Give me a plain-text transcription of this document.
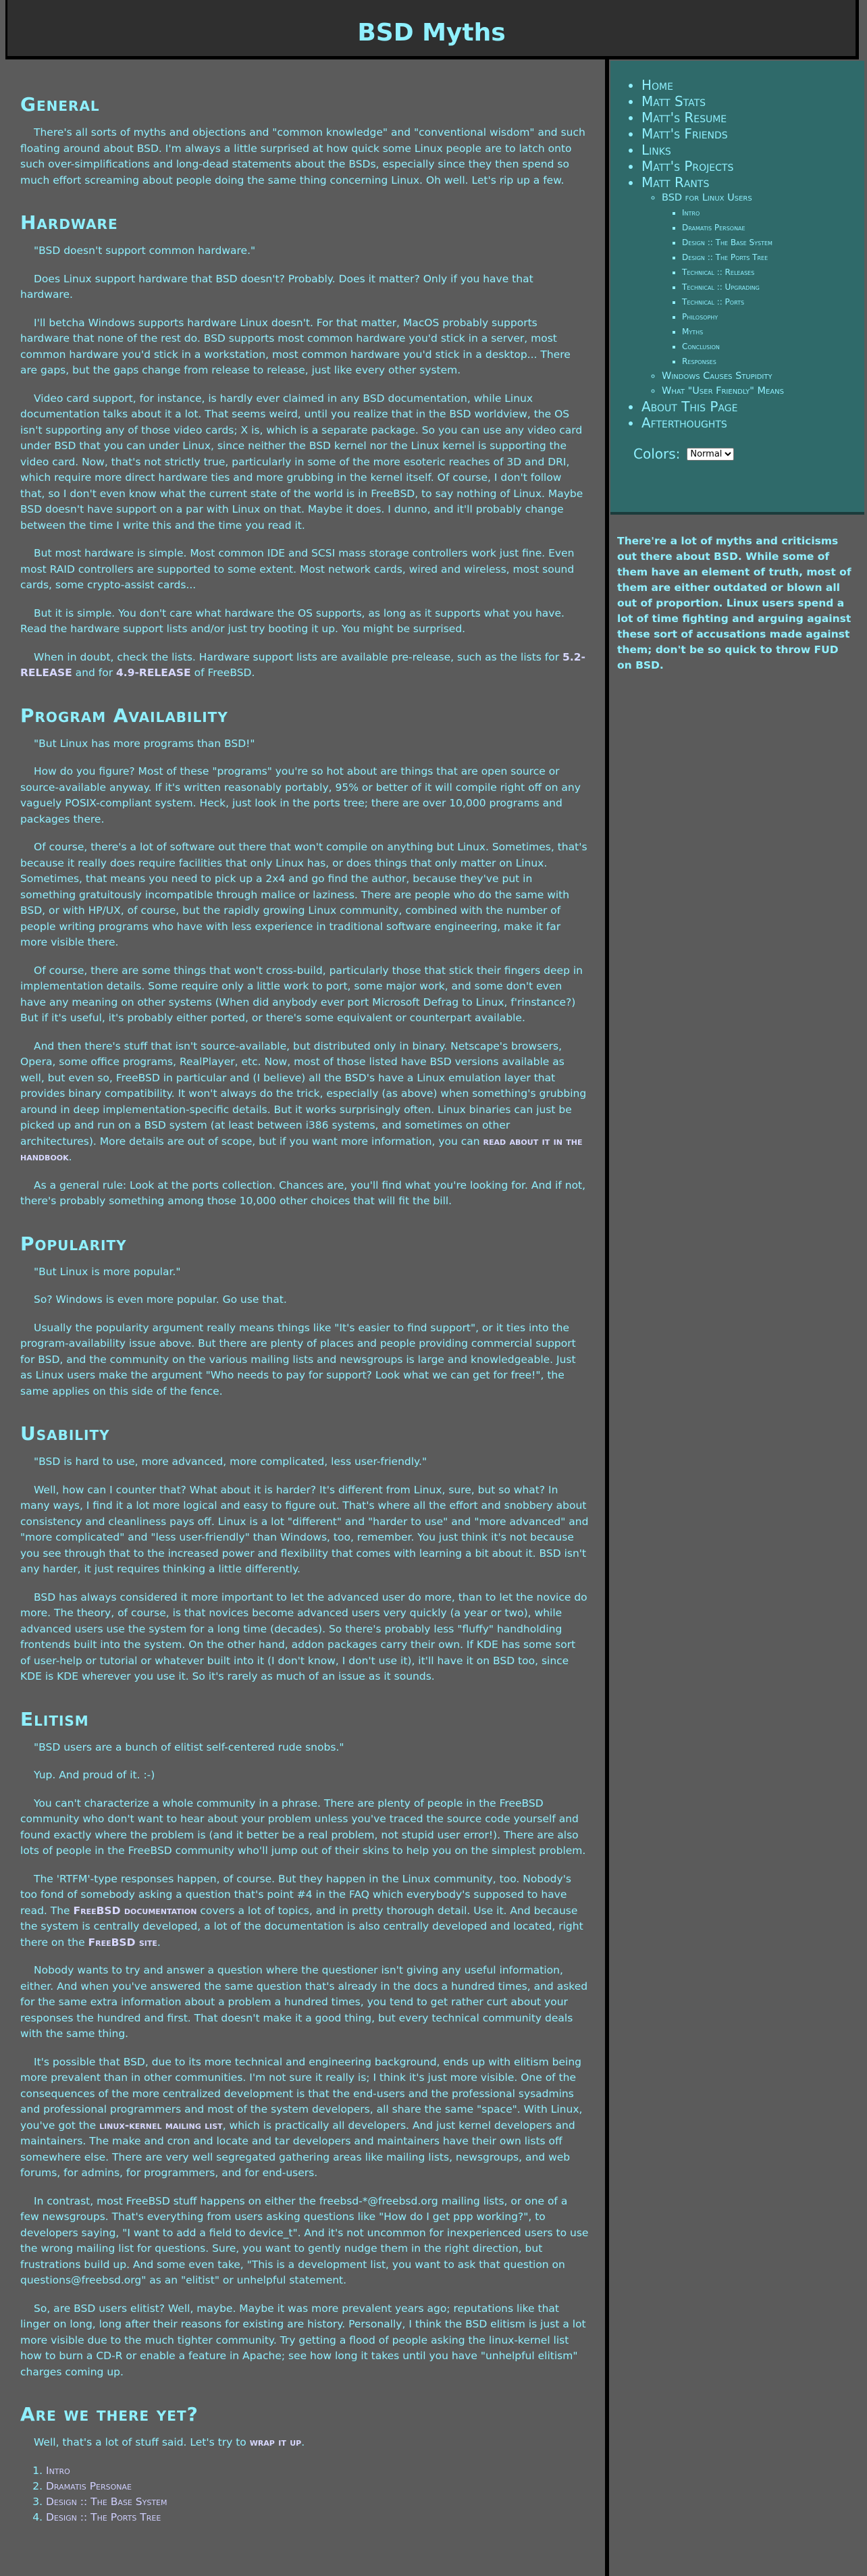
BSD Myths
General

There's all sorts of myths and objections and "common knowledge" and "conventional wisdom" and such floating around about BSD. I'm always a little surprised at how quick some Linux people are to latch onto such over-simplifications and long-dead statements about the BSDs, especially since they then spend so much effort screaming about people doing the same thing concerning Linux. Oh well. Let's rip up a few.

Hardware

"BSD doesn't support common hardware."

Does Linux support hardware that BSD doesn't? Probably. Does it matter? Only if you have that hardware.

I'll betcha Windows supports hardware Linux doesn't. For that matter, MacOS probably supports hardware that none of the rest do. BSD supports most common hardware you'd stick in a server, most common hardware you'd stick in a workstation, most common hardware you'd stick in a desktop... There are gaps, but the gaps change from release to release, just like every other system.

Video card support, for instance, is hardly ever claimed in any BSD documentation, while Linux documentation talks about it a lot. That seems weird, until you realize that in the BSD worldview, the OS isn't supporting any of those video cards; X is, which is a separate package. So you can use any video card under BSD that you can under Linux, since neither the BSD kernel nor the Linux kernel is supporting the video card. Now, that's not strictly true, particularly in some of the more esoteric reaches of 3D and DRI, which require more direct hardware ties and more grubbing in the kernel itself. Of course, I don't follow that, so I don't even know what the current state of the world is in FreeBSD, to say nothing of Linux. Maybe BSD doesn't have support on a par with Linux on that. Maybe it does. I dunno, and it'll probably change between the time I write this and the time you read it.

But most hardware is simple. Most common IDE and SCSI mass storage controllers work just fine. Even most RAID controllers are supported to some extent. Most network cards, wired and wireless, most sound cards, some crypto-assist cards...

But it is simple. You don't care what hardware the OS supports, as long as it supports what you have. Read the hardware support lists and/or just try booting it up. You might be surprised.

When in doubt, check the lists. Hardware support lists are available pre-release, such as the lists for 5.2-RELEASE and for 4.9-RELEASE of FreeBSD.

Program Availability

"But Linux has more programs than BSD!"

How do you figure? Most of these "programs" you're so hot about are things that are open source or source-available anyway. If it's written reasonably portably, 95% or better of it will compile right off on any vaguely POSIX-compliant system. Heck, just look in the ports tree; there are over 10,000 programs and packages there.

Of course, there's a lot of software out there that won't compile on anything but Linux. Sometimes, that's because it really does require facilities that only Linux has, or does things that only matter on Linux. Sometimes, that means you need to pick up a 2x4 and go find the author, because they've put in something gratuitously incompatible through malice or laziness. There are people who do the same with BSD, or with HP/UX, of course, but the rapidly growing Linux community, combined with the number of people writing programs who have with less experience in traditional software engineering, make it far more visible there.

Of course, there are some things that won't cross-build, particularly those that stick their fingers deep in implementation details. Some require only a little work to port, some major work, and some don't even have any meaning on other systems (When did anybody ever port Microsoft Defrag to Linux, f'rinstance?) But if it's useful, it's probably either ported, or there's some equivalent or counterpart available.

And then there's stuff that isn't source-available, but distributed only in binary. Netscape's browsers, Opera, some office programs, RealPlayer, etc. Now, most of those listed have BSD versions available as well, but even so, FreeBSD in particular and (I believe) all the BSD's have a Linux emulation layer that provides binary compatibility. It won't always do the trick, especially (as above) when something's grubbing around in deep implementation-specific details. But it works surprisingly often. Linux binaries can just be picked up and run on a BSD system (at least between i386 systems, and sometimes on other architectures). More details are out of scope, but if you want more information, you can read about it in the handbook.

As a general rule: Look at the ports collection. Chances are, you'll find what you're looking for. And if not, there's probably something among those 10,000 other choices that will fit the bill.

Popularity

"But Linux is more popular."

So? Windows is even more popular. Go use that.

Usually the popularity argument really means things like "It's easier to find support", or it ties into the program-availability issue above. But there are plenty of places and people providing commercial support for BSD, and the community on the various mailing lists and newsgroups is large and knowledgeable. Just as Linux users make the argument "Who needs to pay for support? Look what we can get for free!", the same applies on this side of the fence.

Usability

"BSD is hard to use, more advanced, more complicated, less user-friendly."

Well, how can I counter that? What about it is harder? It's different from Linux, sure, but so what? In many ways, I find it a lot more logical and easy to figure out. That's where all the effort and snobbery about consistency and cleanliness pays off. Linux is a lot "different" and "harder to use" and "more advanced" and "more complicated" and "less user-friendly" than Windows, too, remember. You just think it's not because you see through that to the increased power and flexibility that comes with learning a bit about it. BSD isn't any harder, it just requires thinking a little differently.

BSD has always considered it more important to let the advanced user do more, than to let the novice do more. The theory, of course, is that novices become advanced users very quickly (a year or two), while advanced users use the system for a long time (decades). So there's probably less "fluffy" handholding frontends built into the system. On the other hand, addon packages carry their own. If KDE has some sort of user-help or tutorial or whatever built into it (I don't know, I don't use it), it'll have it on BSD too, since KDE is KDE wherever you use it. So it's rarely as much of an issue as it sounds.

Elitism

"BSD users are a bunch of elitist self-centered rude snobs."

Yup. And proud of it. :-)

You can't characterize a whole community in a phrase. There are plenty of people in the FreeBSD community who don't want to hear about your problem unless you've traced the source code yourself and found exactly where the problem is (and it better be a real problem, not stupid user error!). There are also lots of people in the FreeBSD community who'll jump out of their skins to help you on the simplest problem.

The 'RTFM'-type responses happen, of course. But they happen in the Linux community, too. Nobody's too fond of somebody asking a question that's point #4 in the FAQ which everybody's supposed to have read. The FreeBSD documentation covers a lot of topics, and in pretty thorough detail. Use it. And because the system is centrally developed, a lot of the documentation is also centrally developed and located, right there on the FreeBSD site.

Nobody wants to try and answer a question where the questioner isn't giving any useful information, either. And when you've answered the same question that's already in the docs a hundred times, and asked for the same extra information about a problem a hundred times, you tend to get rather curt about your responses the hundred and first. That doesn't make it a good thing, but every technical community deals with the same thing.

It's possible that BSD, due to its more technical and engineering background, ends up with elitism being more prevalent than in other communities. I'm not sure it really is; I think it's just more visible. One of the consequences of the more centralized development is that the end-users and the professional sysadmins and professional programmers and most of the system developers, all share the same "space". With Linux, you've got the linux-kernel mailing list, which is practically all developers. And just kernel developers and maintainers. The make and cron and locate and tar developers and maintainers have their own lists off somewhere else. There are very well segregated gathering areas like mailing lists, newsgroups, and web forums, for admins, for programmers, and for end-users.

In contrast, most FreeBSD stuff happens on either the freebsd-*@freebsd.org mailing lists, or one of a few newsgroups. That's everything from users asking questions like "How do I get ppp working?", to developers saying, "I want to add a field to device_t". And it's not uncommon for inexperienced users to use the wrong mailing list for questions. Sure, you want to gently nudge them in the right direction, but frustrations build up. And some even take, "This is a development list, you want to ask that question on questions@freebsd.org" as an "elitist" or unhelpful statement.

So, are BSD users elitist? Well, maybe. Maybe it was more prevalent years ago; reputations like that linger on long, long after their reasons for existing are history. Personally, I think the BSD elitism is just a lot more visible due to the much tighter community. Try getting a flood of people asking the linux-kernel list how to burn a CD-R or enable a feature in Apache; see how long it takes until you have "unhelpful elitism" charges coming up.

Are we there yet?

Well, that's a lot of stuff said. Let's try to wrap it up.

1. Intro
2. Dramatis Personae
3. Design :: The Base System
4. Design :: The Ports Tree
• Home
• Matt Stats
• Matt's Resume
• Matt's Friends
• Links
• Matt's Projects
• Matt Rants
◦ BSD for Linux Users
▪ Intro
▪ Dramatis Personae
▪ Design :: The Base System
▪ Design :: The Ports Tree
▪ Technical :: Releases
▪ Technical :: Upgrading
▪ Technical :: Ports
▪ Philosophy
▪ Myths
▪ Conclusion
▪ Responses
◦ Windows Causes Stupidity
◦ What "User Friendly" Means
• About This Page
• Afterthoughts
Colors:
Normal
There're a lot of myths and criticisms out there about BSD. While some of them have an element of truth, most of them are either outdated or blown all out of proportion. Linux users spend a lot of time fighting and arguing against these sort of accusations made against them; don't be so quick to throw FUD on BSD.
